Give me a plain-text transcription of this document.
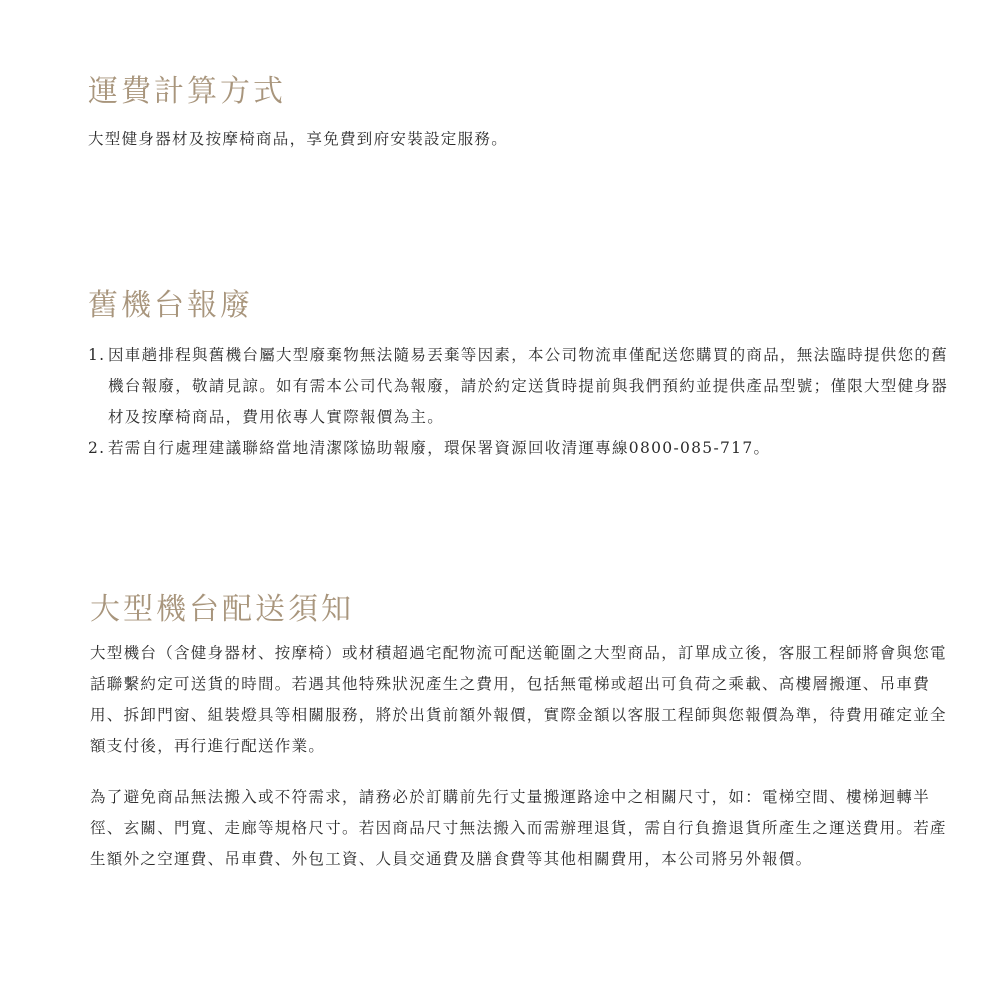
運費計算方式

大型健身器材及按摩椅商品，享免費到府安裝設定服務。

舊機台報廢
1. 因車趟排程與舊機台屬大型廢棄物無法隨易丟棄等因素，本公司物流車僅配送您購買的商品，無法臨時提供您的舊機台報廢，敬請見諒。如有需本公司代為報廢，請於約定送貨時提前與我們預約並提供產品型號；僅限大型健身器材及按摩椅商品，費用依專人實際報價為主。
2. 若需自行處理建議聯絡當地清潔隊協助報廢，環保署資源回收清運專線0800-085-717。
大型機台配送須知

大型機台（含健身器材、按摩椅）或材積超過宅配物流可配送範圍之大型商品，訂單成立後，客服工程師將會與您電話聯繫約定可送貨的時間。若遇其他特殊狀況產生之費用，包括無電梯或超出可負荷之乘載、高樓層搬運、吊車費用、拆卸門窗、組裝燈具等相關服務，將於出貨前額外報價，實際金額以客服工程師與您報價為準，待費用確定並全額支付後，再行進行配送作業。

為了避免商品無法搬入或不符需求，請務必於訂購前先行丈量搬運路途中之相關尺寸，如：電梯空間、樓梯迴轉半徑、玄關、門寬、走廊等規格尺寸。若因商品尺寸無法搬入而需辦理退貨，需自行負擔退貨所產生之運送費用。若產生額外之空運費、吊車費、外包工資、人員交通費及膳食費等其他相關費用，本公司將另外報價。
